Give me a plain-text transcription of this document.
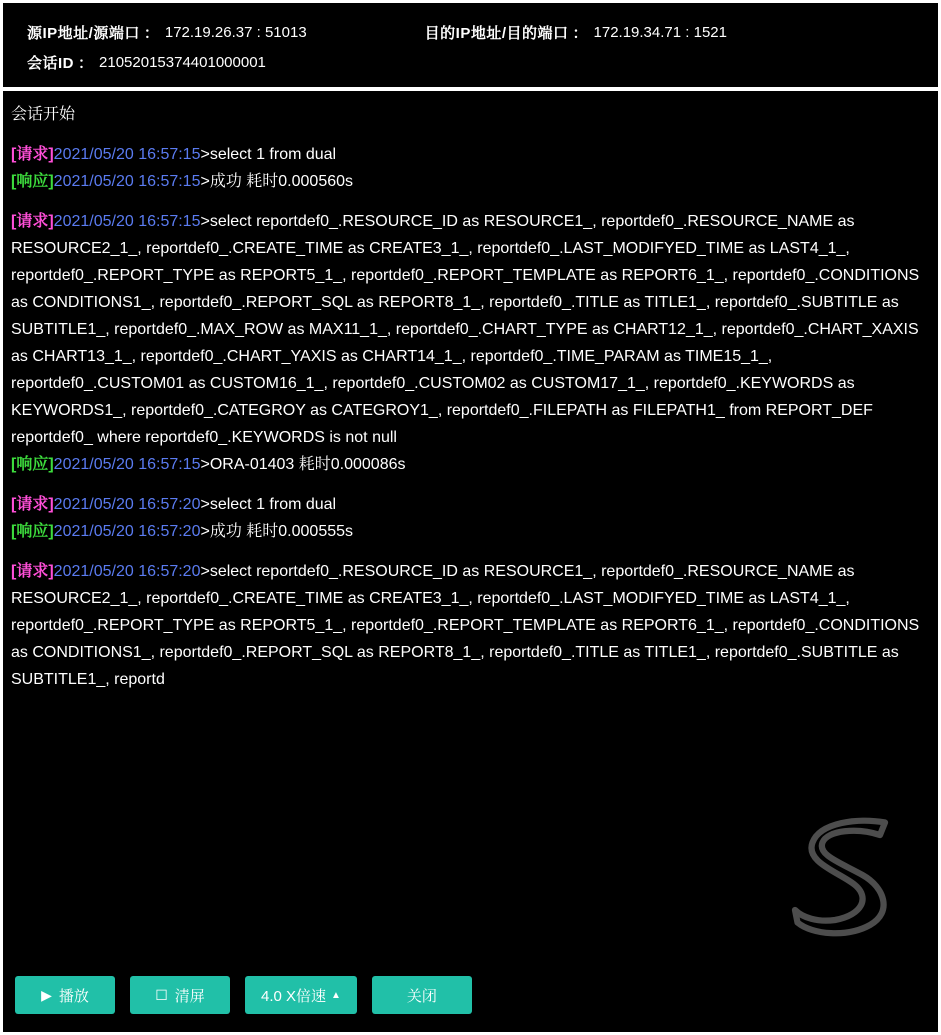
源IP地址/源端口 ： 172.19.26.37 : 51013	目的IP地址/目的端口 ： 172.19.34.71 : 1521
会话ID ： 21052015374401000001
会话开始
[请求]2021/05/20 16:57:15>select 1 from dual
[响应]2021/05/20 16:57:15>成功 耗时0.000560s
[请求]2021/05/20 16:57:15>select reportdef0_.RESOURCE_ID as RESOURCE1_, reportdef0_.RESOURCE_NAME as RESOURCE2_1_, reportdef0_.CREATE_TIME as CREATE3_1_, reportdef0_.LAST_MODIFYED_TIME as LAST4_1_, reportdef0_.REPORT_TYPE as REPORT5_1_, reportdef0_.REPORT_TEMPLATE as REPORT6_1_, reportdef0_.CONDITIONS as CONDITIONS1_, reportdef0_.REPORT_SQL as REPORT8_1_, reportdef0_.TITLE as TITLE1_, reportdef0_.SUBTITLE as SUBTITLE1_, reportdef0_.MAX_ROW as MAX11_1_, reportdef0_.CHART_TYPE as CHART12_1_, reportdef0_.CHART_XAXIS as CHART13_1_, reportdef0_.CHART_YAXIS as CHART14_1_, reportdef0_.TIME_PARAM as TIME15_1_, reportdef0_.CUSTOM01 as CUSTOM16_1_, reportdef0_.CUSTOM02 as CUSTOM17_1_, reportdef0_.KEYWORDS as KEYWORDS1_, reportdef0_.CATEGROY as CATEGROY1_, reportdef0_.FILEPATH as FILEPATH1_ from REPORT_DEF reportdef0_ where reportdef0_.KEYWORDS is not null
[响应]2021/05/20 16:57:15>ORA-01403 耗时0.000086s
[请求]2021/05/20 16:57:20>select 1 from dual
[响应]2021/05/20 16:57:20>成功 耗时0.000555s
[请求]2021/05/20 16:57:20>select reportdef0_.RESOURCE_ID as RESOURCE1_, reportdef0_.RESOURCE_NAME as RESOURCE2_1_, reportdef0_.CREATE_TIME as CREATE3_1_, reportdef0_.LAST_MODIFYED_TIME as LAST4_1_, reportdef0_.REPORT_TYPE as REPORT5_1_, reportdef0_.REPORT_TEMPLATE as REPORT6_1_, reportdef0_.CONDITIONS as CONDITIONS1_, reportdef0_.REPORT_SQL as REPORT8_1_, reportdef0_.TITLE as TITLE1_, reportdef0_.SUBTITLE as SUBTITLE1_, reportd
▶ 播放	☐ 清屏	4.0 X倍速 ▲	关闭
